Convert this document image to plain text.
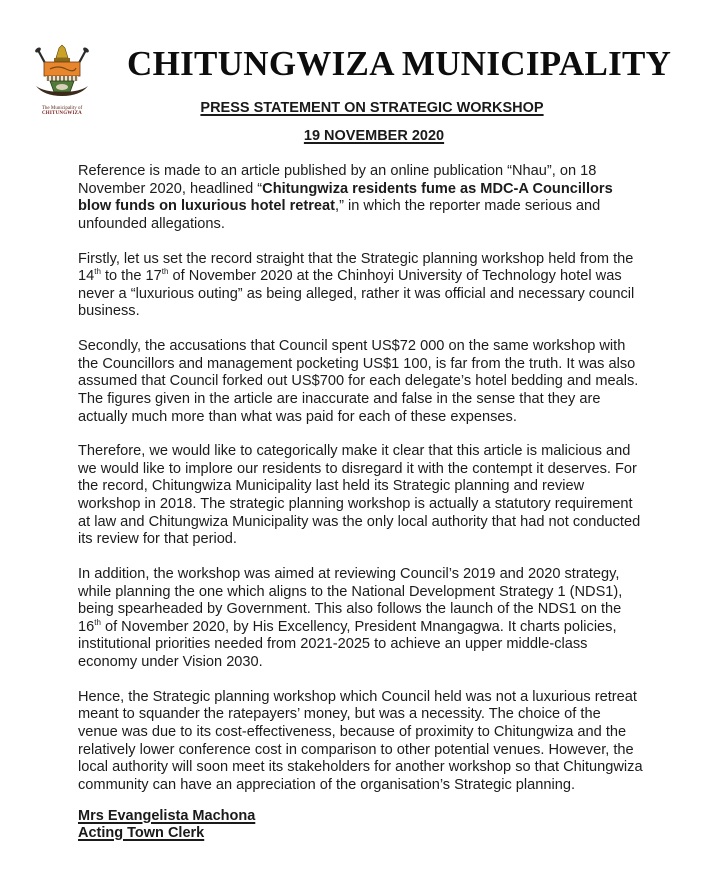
The Municipality of
CHITUNGWIZA
CHITUNGWIZA MUNICIPALITY
PRESS STATEMENT ON STRATEGIC WORKSHOP
19 NOVEMBER 2020
Reference is made to an article published by an online publication “Nhau”, on 18
November 2020, headlined “Chitungwiza residents fume as MDC-A Councillors
blow funds on luxurious hotel retreat,” in which the reporter made serious and
unfounded allegations.
Firstly, let us set the record straight that the Strategic planning workshop held from the
14th to the 17th of November 2020 at the Chinhoyi University of Technology hotel was
never a “luxurious outing” as being alleged, rather it was official and necessary council
business.
Secondly, the accusations that Council spent US$72 000 on the same workshop with
the Councillors and management pocketing US$1 100, is far from the truth. It was also
assumed that Council forked out US$700 for each delegate’s hotel bedding and meals.
The figures given in the article are inaccurate and false in the sense that they are
actually much more than what was paid for each of these expenses.
Therefore, we would like to categorically make it clear that this article is malicious and
we would like to implore our residents to disregard it with the contempt it deserves. For
the record, Chitungwiza Municipality last held its Strategic planning and review
workshop in 2018. The strategic planning workshop is actually a statutory requirement
at law and Chitungwiza Municipality was the only local authority that had not conducted
its review for that period.
In addition, the workshop was aimed at reviewing Council’s 2019 and 2020 strategy,
while planning the one which aligns to the National Development Strategy 1 (NDS1),
being spearheaded by Government. This also follows the launch of the NDS1 on the
16th of November 2020, by His Excellency, President Mnangagwa. It charts policies,
institutional priorities needed from 2021-2025 to achieve an upper middle-class
economy under Vision 2030.
Hence, the Strategic planning workshop which Council held was not a luxurious retreat
meant to squander the ratepayers’ money, but was a necessity. The choice of the
venue was due to its cost-effectiveness, because of proximity to Chitungwiza and the
relatively lower conference cost in comparison to other potential venues. However, the
local authority will soon meet its stakeholders for another workshop so that Chitungwiza
community can have an appreciation of the organisation’s Strategic planning.
Mrs Evangelista Machona
Acting Town Clerk
